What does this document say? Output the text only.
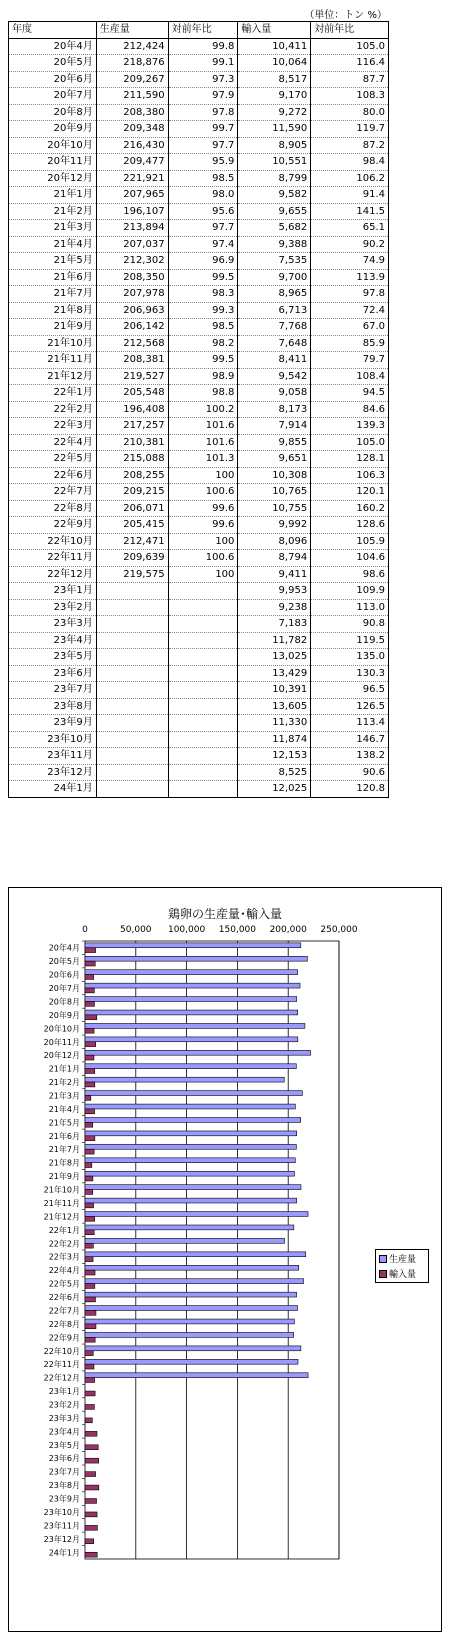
（単位：トン %）
年度	生産量	対前年比	輸入量	対前年比
20年4月	212,424	99.8	10,411	105.0
20年5月	218,876	99.1	10,064	116.4
20年6月	209,267	97.3	8,517	87.7
20年7月	211,590	97.9	9,170	108.3
20年8月	208,380	97.8	9,272	80.0
20年9月	209,348	99.7	11,590	119.7
20年10月	216,430	97.7	8,905	87.2
20年11月	209,477	95.9	10,551	98.4
20年12月	221,921	98.5	8,799	106.2
21年1月	207,965	98.0	9,582	91.4
21年2月	196,107	95.6	9,655	141.5
21年3月	213,894	97.7	5,682	65.1
21年4月	207,037	97.4	9,388	90.2
21年5月	212,302	96.9	7,535	74.9
21年6月	208,350	99.5	9,700	113.9
21年7月	207,978	98.3	8,965	97.8
21年8月	206,963	99.3	6,713	72.4
21年9月	206,142	98.5	7,768	67.0
21年10月	212,568	98.2	7,648	85.9
21年11月	208,381	99.5	8,411	79.7
21年12月	219,527	98.9	9,542	108.4
22年1月	205,548	98.8	9,058	94.5
22年2月	196,408	100.2	8,173	84.6
22年3月	217,257	101.6	7,914	139.3
22年4月	210,381	101.6	9,855	105.0
22年5月	215,088	101.3	9,651	128.1
22年6月	208,255	100	10,308	106.3
22年7月	209,215	100.6	10,765	120.1
22年8月	206,071	99.6	10,755	160.2
22年9月	205,415	99.6	9,992	128.6
22年10月	212,471	100	8,096	105.9
22年11月	209,639	100.6	8,794	104.6
22年12月	219,575	100	9,411	98.6
23年1月			9,953	109.9
23年2月			9,238	113.0
23年3月			7,183	90.8
23年4月			11,782	119.5
23年5月			13,025	135.0
23年6月			13,429	130.3
23年7月			10,391	96.5
23年8月			13,605	126.5
23年9月			11,330	113.4
23年10月			11,874	146.7
23年11月			12,153	138.2
23年12月			8,525	90.6
24年1月			12,025	120.8
鶏卵の生産量･輸入量
0	50,000 100,000 150,000 200,000 250,000
20年4月
20年5月
20年6月
20年7月
20年8月
20年9月
20年10月
20年11月
20年12月
21年1月
21年2月
21年3月
21年4月
21年5月
21年6月
21年7月
21年8月
21年9月
21年10月
21年11月
21年12月
22年1月
22年2月
22年3月
22年4月
22年5月
22年6月
22年7月
22年8月
22年9月
22年10月
22年11月
22年12月
23年1月
23年2月
23年3月
23年4月
23年5月
23年6月
23年7月
23年8月
23年9月
23年10月
23年11月
23年12月
24年1月
生産量
輸入量
